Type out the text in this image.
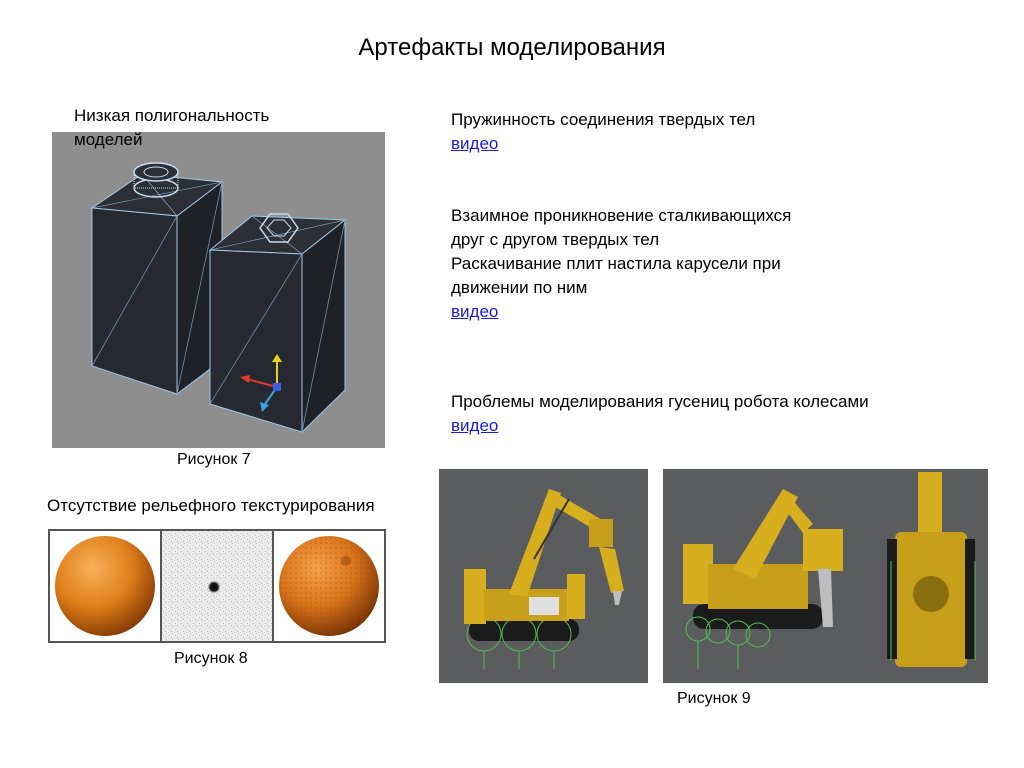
Артефакты моделирования
Низкая полигональность моделей
Рисунок 7
Отсутствие рельефного текстурирования
Рисунок 8
Пружинность соединения твердых тел
видео
Взаимное проникновение сталкивающихся
друг с другом твердых тел
Раскачивание плит настила карусели при
движении по ним
видео
Проблемы моделирования гусениц робота колесами
видео
Рисунок 9
